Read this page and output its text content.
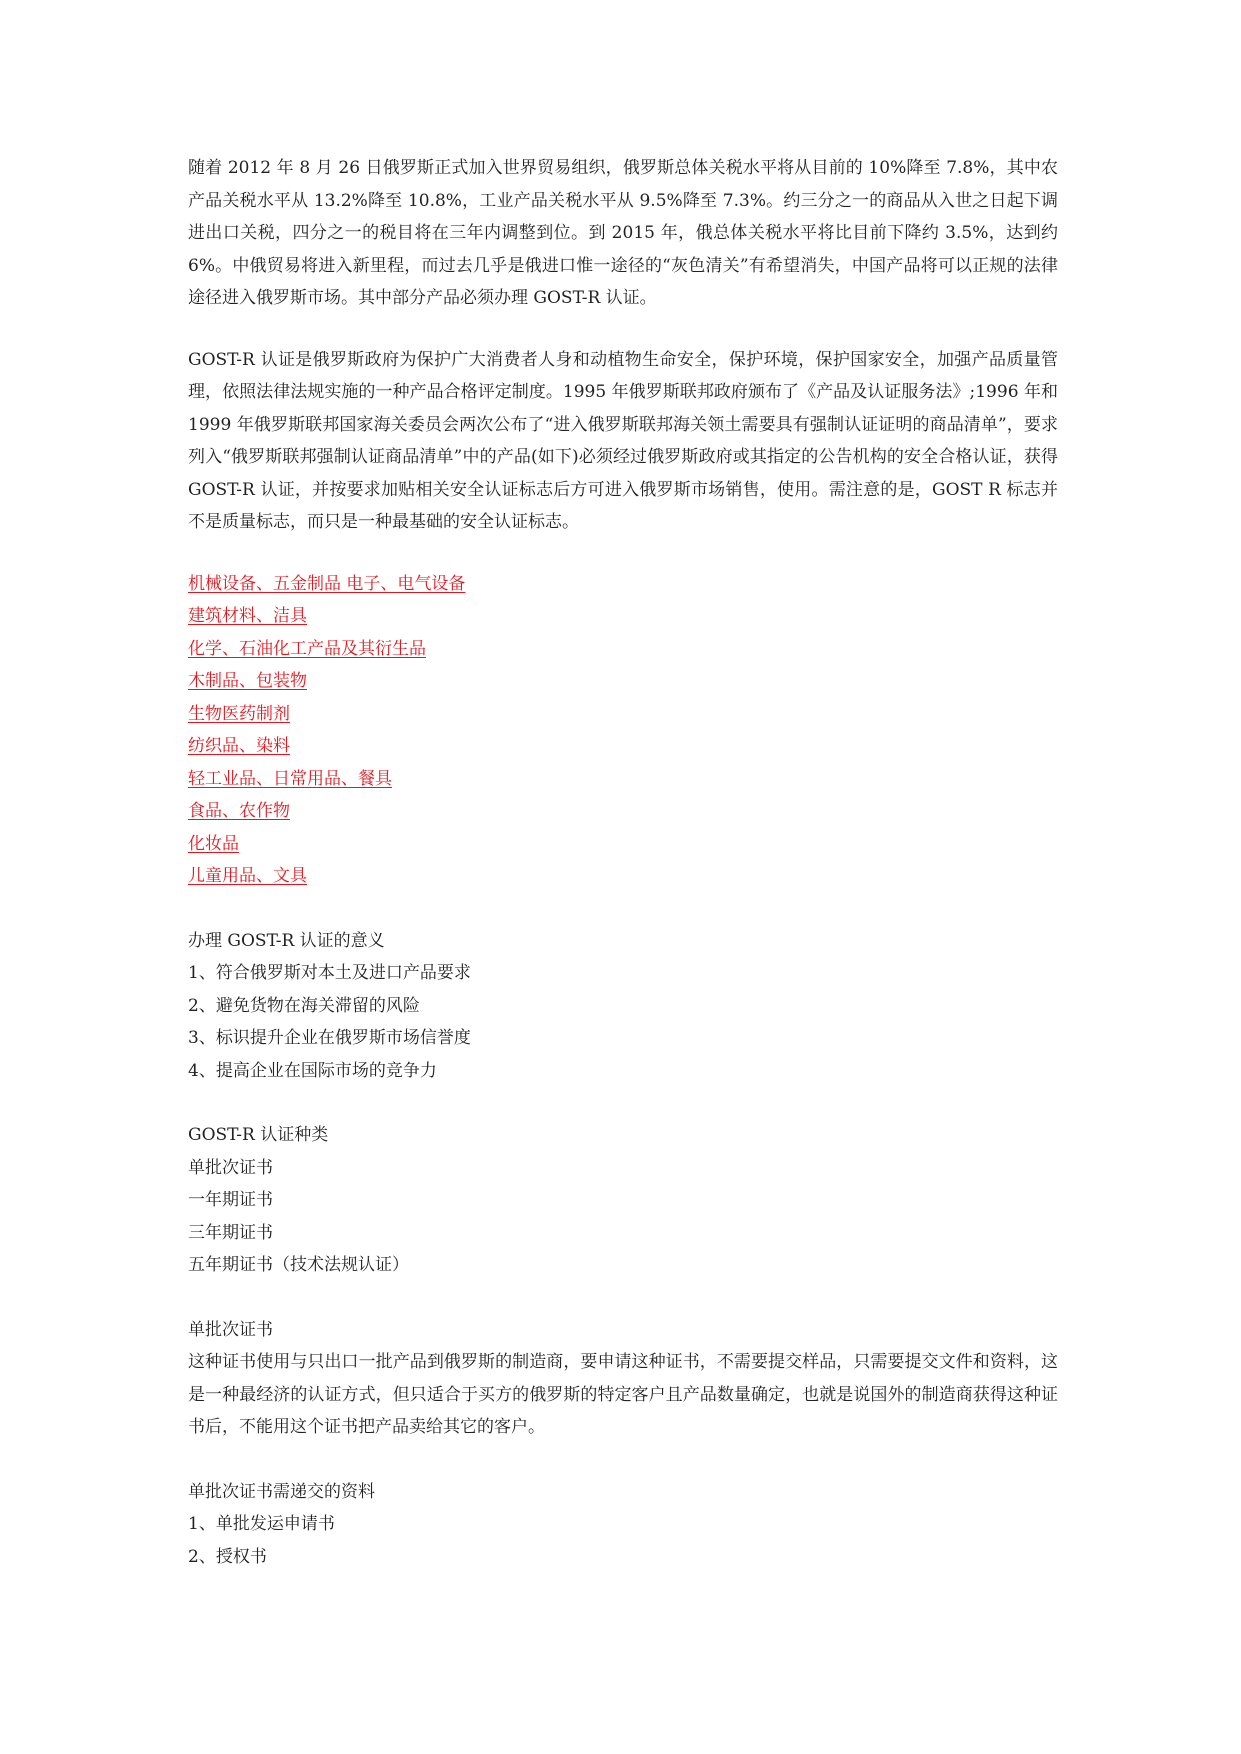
随着 2012 年 8 月 26 日俄罗斯正式加入世界贸易组织，俄罗斯总体关税水平将从目前的 10%降至 7.8%，其中农产品关税水平从 13.2%降至 10.8%，工业产品关税水平从 9.5%降至 7.3%。约三分之一的商品从入世之日起下调进出口关税，四分之一的税目将在三年内调整到位。到 2015 年，俄总体关税水平将比目前下降约 3.5%，达到约 6%。中俄贸易将进入新里程，而过去几乎是俄进口惟一途径的“灰色清关”有希望消失，中国产品将可以正规的法律途径进入俄罗斯市场。其中部分产品必须办理 GOST-R 认证。

GOST-R 认证是俄罗斯政府为保护广大消费者人身和动植物生命安全，保护环境，保护国家安全，加强产品质量管理，依照法律法规实施的一种产品合格评定制度。1995 年俄罗斯联邦政府颁布了《产品及认证服务法》;1996 年和 1999 年俄罗斯联邦国家海关委员会两次公布了“进入俄罗斯联邦海关领土需要具有强制认证证明的商品清单”，要求列入“俄罗斯联邦强制认证商品清单”中的产品(如下)必须经过俄罗斯政府或其指定的公告机构的安全合格认证，获得 GOST-R 认证，并按要求加贴相关安全认证标志后方可进入俄罗斯市场销售，使用。需注意的是，GOST R 标志并不是质量标志，而只是一种最基础的安全认证标志。

机械设备、五金制品 电子、电气设备
建筑材料、洁具
化学、石油化工产品及其衍生品
木制品、包装物
生物医药制剂
纺织品、染料
轻工业品、日常用品、餐具
食品、农作物
化妆品
儿童用品、文具
办理 GOST-R 认证的意义
1、符合俄罗斯对本土及进口产品要求
2、避免货物在海关滞留的风险
3、标识提升企业在俄罗斯市场信誉度
4、提高企业在国际市场的竞争力
GOST-R 认证种类
单批次证书
一年期证书
三年期证书
五年期证书（技术法规认证）
单批次证书

这种证书使用与只出口一批产品到俄罗斯的制造商，要申请这种证书，不需要提交样品，只需要提交文件和资料，这是一种最经济的认证方式，但只适合于买方的俄罗斯的特定客户且产品数量确定，也就是说国外的制造商获得这种证书后，不能用这个证书把产品卖给其它的客户。

单批次证书需递交的资料
1、单批发运申请书
2、授权书
